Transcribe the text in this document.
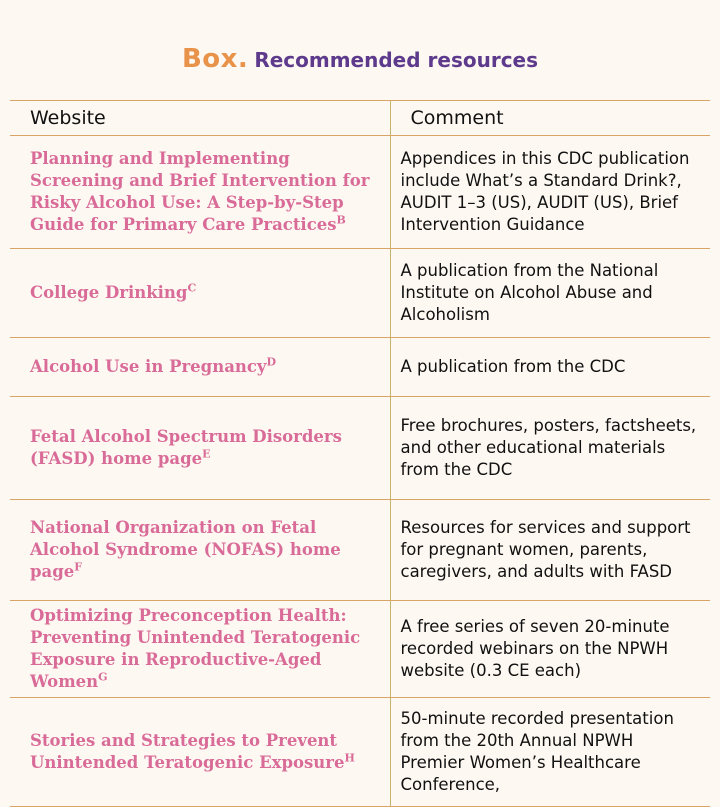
Box. Recommended resources
Website	Comment
Planning and Implementing Screening and Brief Intervention for Risky Alcohol Use: A Step-by-Step Guide for Primary Care Practices$^B$	Appendices in this CDC publication include What’s a Standard Drink?, AUDIT 1–3 (US), AUDIT (US), Brief Intervention Guidance
College Drinking$^C$	A publication from the National Institute on Alcohol Abuse and Alcoholism
Alcohol Use in Pregnancy$^D$	A publication from the CDC
Fetal Alcohol Spectrum Disorders (FASD) home page$^E$	Free brochures, posters, factsheets, and other educational materials from the CDC
National Organization on Fetal Alcohol Syndrome (NOFAS) home page$^F$	Resources for services and support for pregnant women, parents, caregivers, and adults with FASD
Optimizing Preconception Health: Preventing Unintended Teratogenic Exposure in Reproductive-Aged Women$^G$	A free series of seven 20-minute recorded webinars on the NPWH website (0.3 CE each)
Stories and Strategies to Prevent Unintended Teratogenic Exposure$^H$	50-minute recorded presentation from the 20th Annual NPWH Premier Women’s Healthcare Conference,
